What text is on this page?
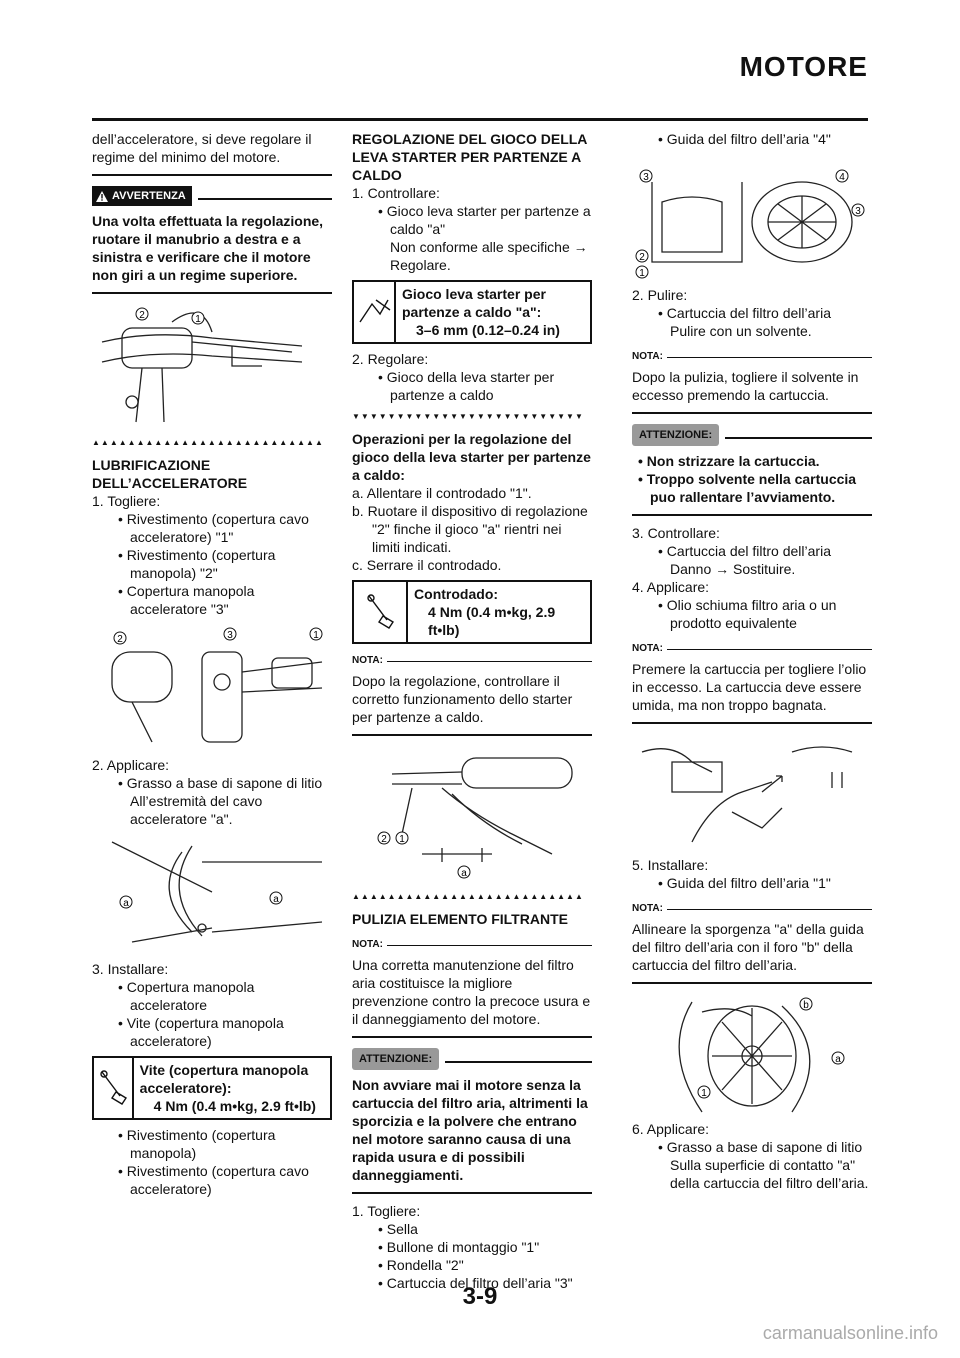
MOTORE

dell’acceleratore, si deve regolare il regime del minimo del motore.

AVVERTENZA

Una volta effettuata la regolazione, ruotare il manubrio a destra e a sinistra e verificare che il motore non giri a un regime superiore.

2	1
▲▲▲▲▲▲▲▲▲▲▲▲▲▲▲▲▲▲▲▲▲▲▲▲▲▲

LUBRIFICAZIONE DELL’ACCELERATORE

1. Togliere:

• Rivestimento (copertura cavo acceleratore) "1"

• Rivestimento (copertura manopola) "2"

• Copertura manopola acceleratore "3"

2	3	1

2. Applicare:

• Grasso a base di sapone di litio

All’estremità del cavo acceleratore "a".

a	a

3. Installare:

• Copertura manopola acceleratore

• Vite (copertura manopola acceleratore)

Vite (copertura manopola acceleratore):
4 Nm (0.4 m•kg, 2.9 ft•lb)

• Rivestimento (copertura manopola)

• Rivestimento (copertura cavo acceleratore)

REGOLAZIONE DEL GIOCO DELLA LEVA STARTER PER PARTENZE A CALDO

1. Controllare:

• Gioco leva starter per partenze a caldo "a"

Non conforme alle specifiche →

Regolare.

Gioco leva starter per partenze a caldo "a":
3–6 mm (0.12–0.24 in)

2. Regolare:

• Gioco della leva starter per partenze a caldo

▼▼▼▼▼▼▼▼▼▼▼▼▼▼▼▼▼▼▼▼▼▼▼▼▼▼

Operazioni per la regolazione del gioco della leva starter per partenze a caldo:

a. Allentare il controdado "1".

b. Ruotare il dispositivo di regolazione "2" finche il gioco "a" rientri nei limiti indicati.

c. Serrare il controdado.

Controdado:
4 Nm (0.4 m•kg, 2.9 ft•lb)
NOTA:

Dopo la regolazione, controllare il corretto funzionamento dello starter per partenze a caldo.

2 1
a
▲▲▲▲▲▲▲▲▲▲▲▲▲▲▲▲▲▲▲▲▲▲▲▲▲▲

PULIZIA ELEMENTO FILTRANTE

NOTA:

Una corretta manutenzione del filtro aria costituisce la migliore prevenzione contro la precoce usura e il danneggiamento del motore.

ATTENZIONE:

Non avviare mai il motore senza la cartuccia del filtro aria, altrimenti la sporcizia e la polvere che entrano nel motore saranno causa di una rapida usura e di possibili danneggiamenti.

1. Togliere:

• Sella

• Bullone di montaggio "1"

• Rondella "2"

• Cartuccia del filtro dell’aria "3"

• Guida del filtro dell’aria "4"

3	4
3
2
1

2. Pulire:

• Cartuccia del filtro dell’aria

Pulire con un solvente.

NOTA:

Dopo la pulizia, togliere il solvente in eccesso premendo la cartuccia.

ATTENZIONE:

• Non strizzare la cartuccia.

• Troppo solvente nella cartuccia puo rallentare l’avviamento.

3. Controllare:

• Cartuccia del filtro dell’aria

Danno → Sostituire.

4. Applicare:

• Olio schiuma filtro aria o un prodotto equivalente

NOTA:

Premere la cartuccia per togliere l’olio in eccesso. La cartuccia deve essere umida, ma non troppo bagnata.

5. Installare:

• Guida del filtro dell’aria "1"

NOTA:

Allineare la sporgenza "a" della guida del filtro dell’aria con il foro "b" della cartuccia del filtro dell’aria.

b
a
1

6. Applicare:

• Grasso a base di sapone di litio

Sulla superficie di contatto "a" della cartuccia del filtro dell’aria.

3-9
carmanualsonline.info
